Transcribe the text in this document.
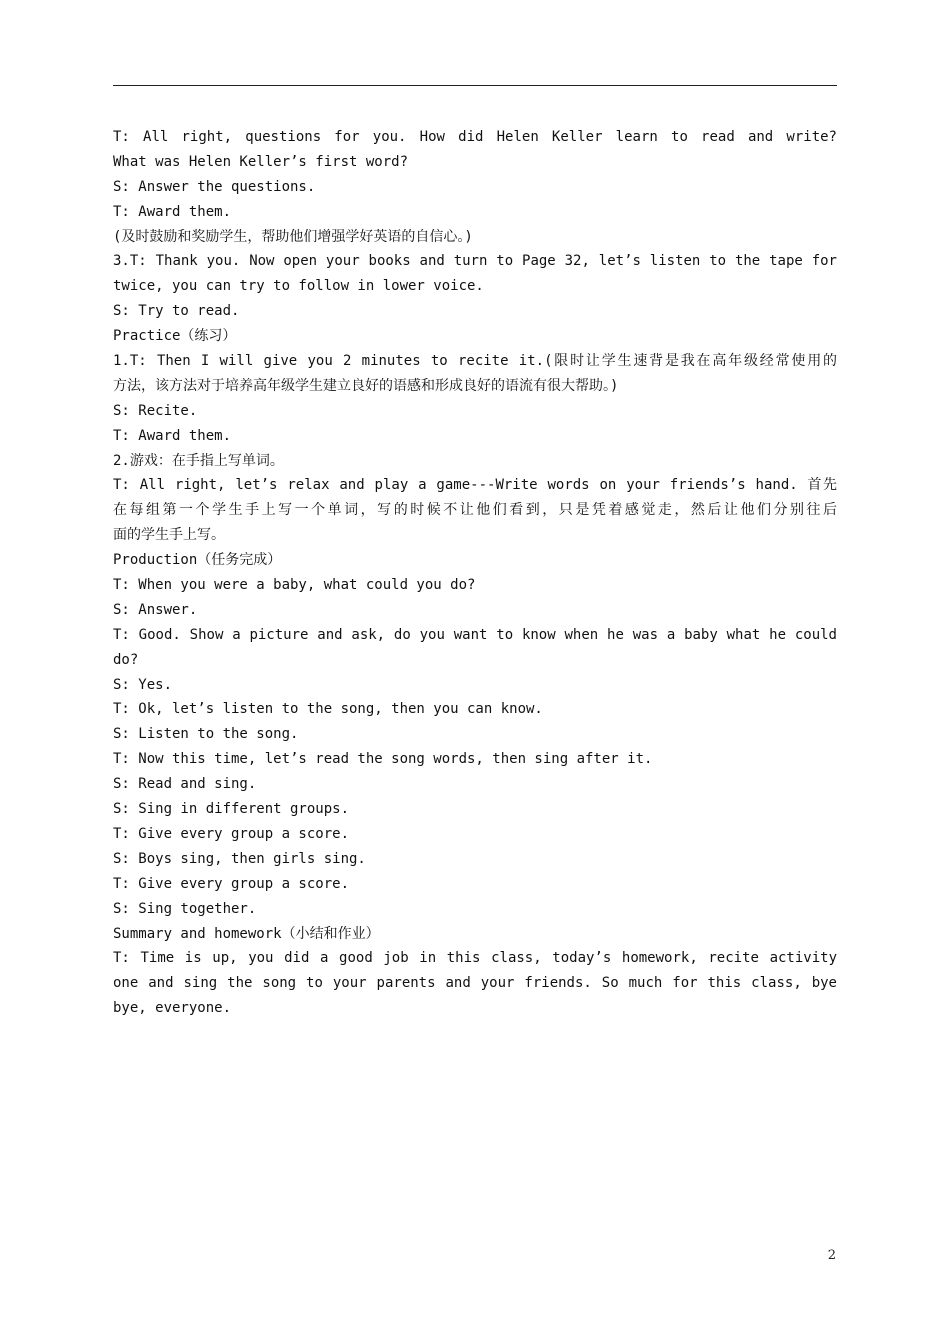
T: All right, questions for you. How did Helen Keller learn to read and write?
What was Helen Keller’s first word?
S: Answer the questions.
T: Award them.
(及时鼓励和奖励学生，帮助他们增强学好英语的自信心。)
3.T: Thank you. Now open your books and turn to Page 32, let’s listen to the tape for
twice, you can try to follow in lower voice.
S: Try to read.
Practice（练习）
1.T: Then I will give you 2 minutes to recite it.(限时让学生速背是我在高年级经常使用的
方法，该方法对于培养高年级学生建立良好的语感和形成良好的语流有很大帮助。)
S: Recite.
T: Award them.
2.游戏：在手指上写单词。
T: All right, let’s relax and play a game---Write words on your friends’s hand. 首先
在每组第一个学生手上写一个单词，写的时候不让他们看到，只是凭着感觉走，然后让他们分别往后
面的学生手上写。
Production（任务完成）
T: When you were a baby, what could you do?
S: Answer.
T: Good. Show a picture and ask, do you want to know when he was a baby what he could
do?
S: Yes.
T: Ok, let’s listen to the song, then you can know.
S: Listen to the song.
T: Now this time, let’s read the song words, then sing after it.
S: Read and sing.
S: Sing in different groups.
T: Give every group a score.
S: Boys sing, then girls sing.
T: Give every group a score.
S: Sing together.
Summary and homework（小结和作业）
T: Time is up, you did a good job in this class, today’s homework, recite activity
one and sing the song to your parents and your friends. So much for this class, bye
bye, everyone.
2
